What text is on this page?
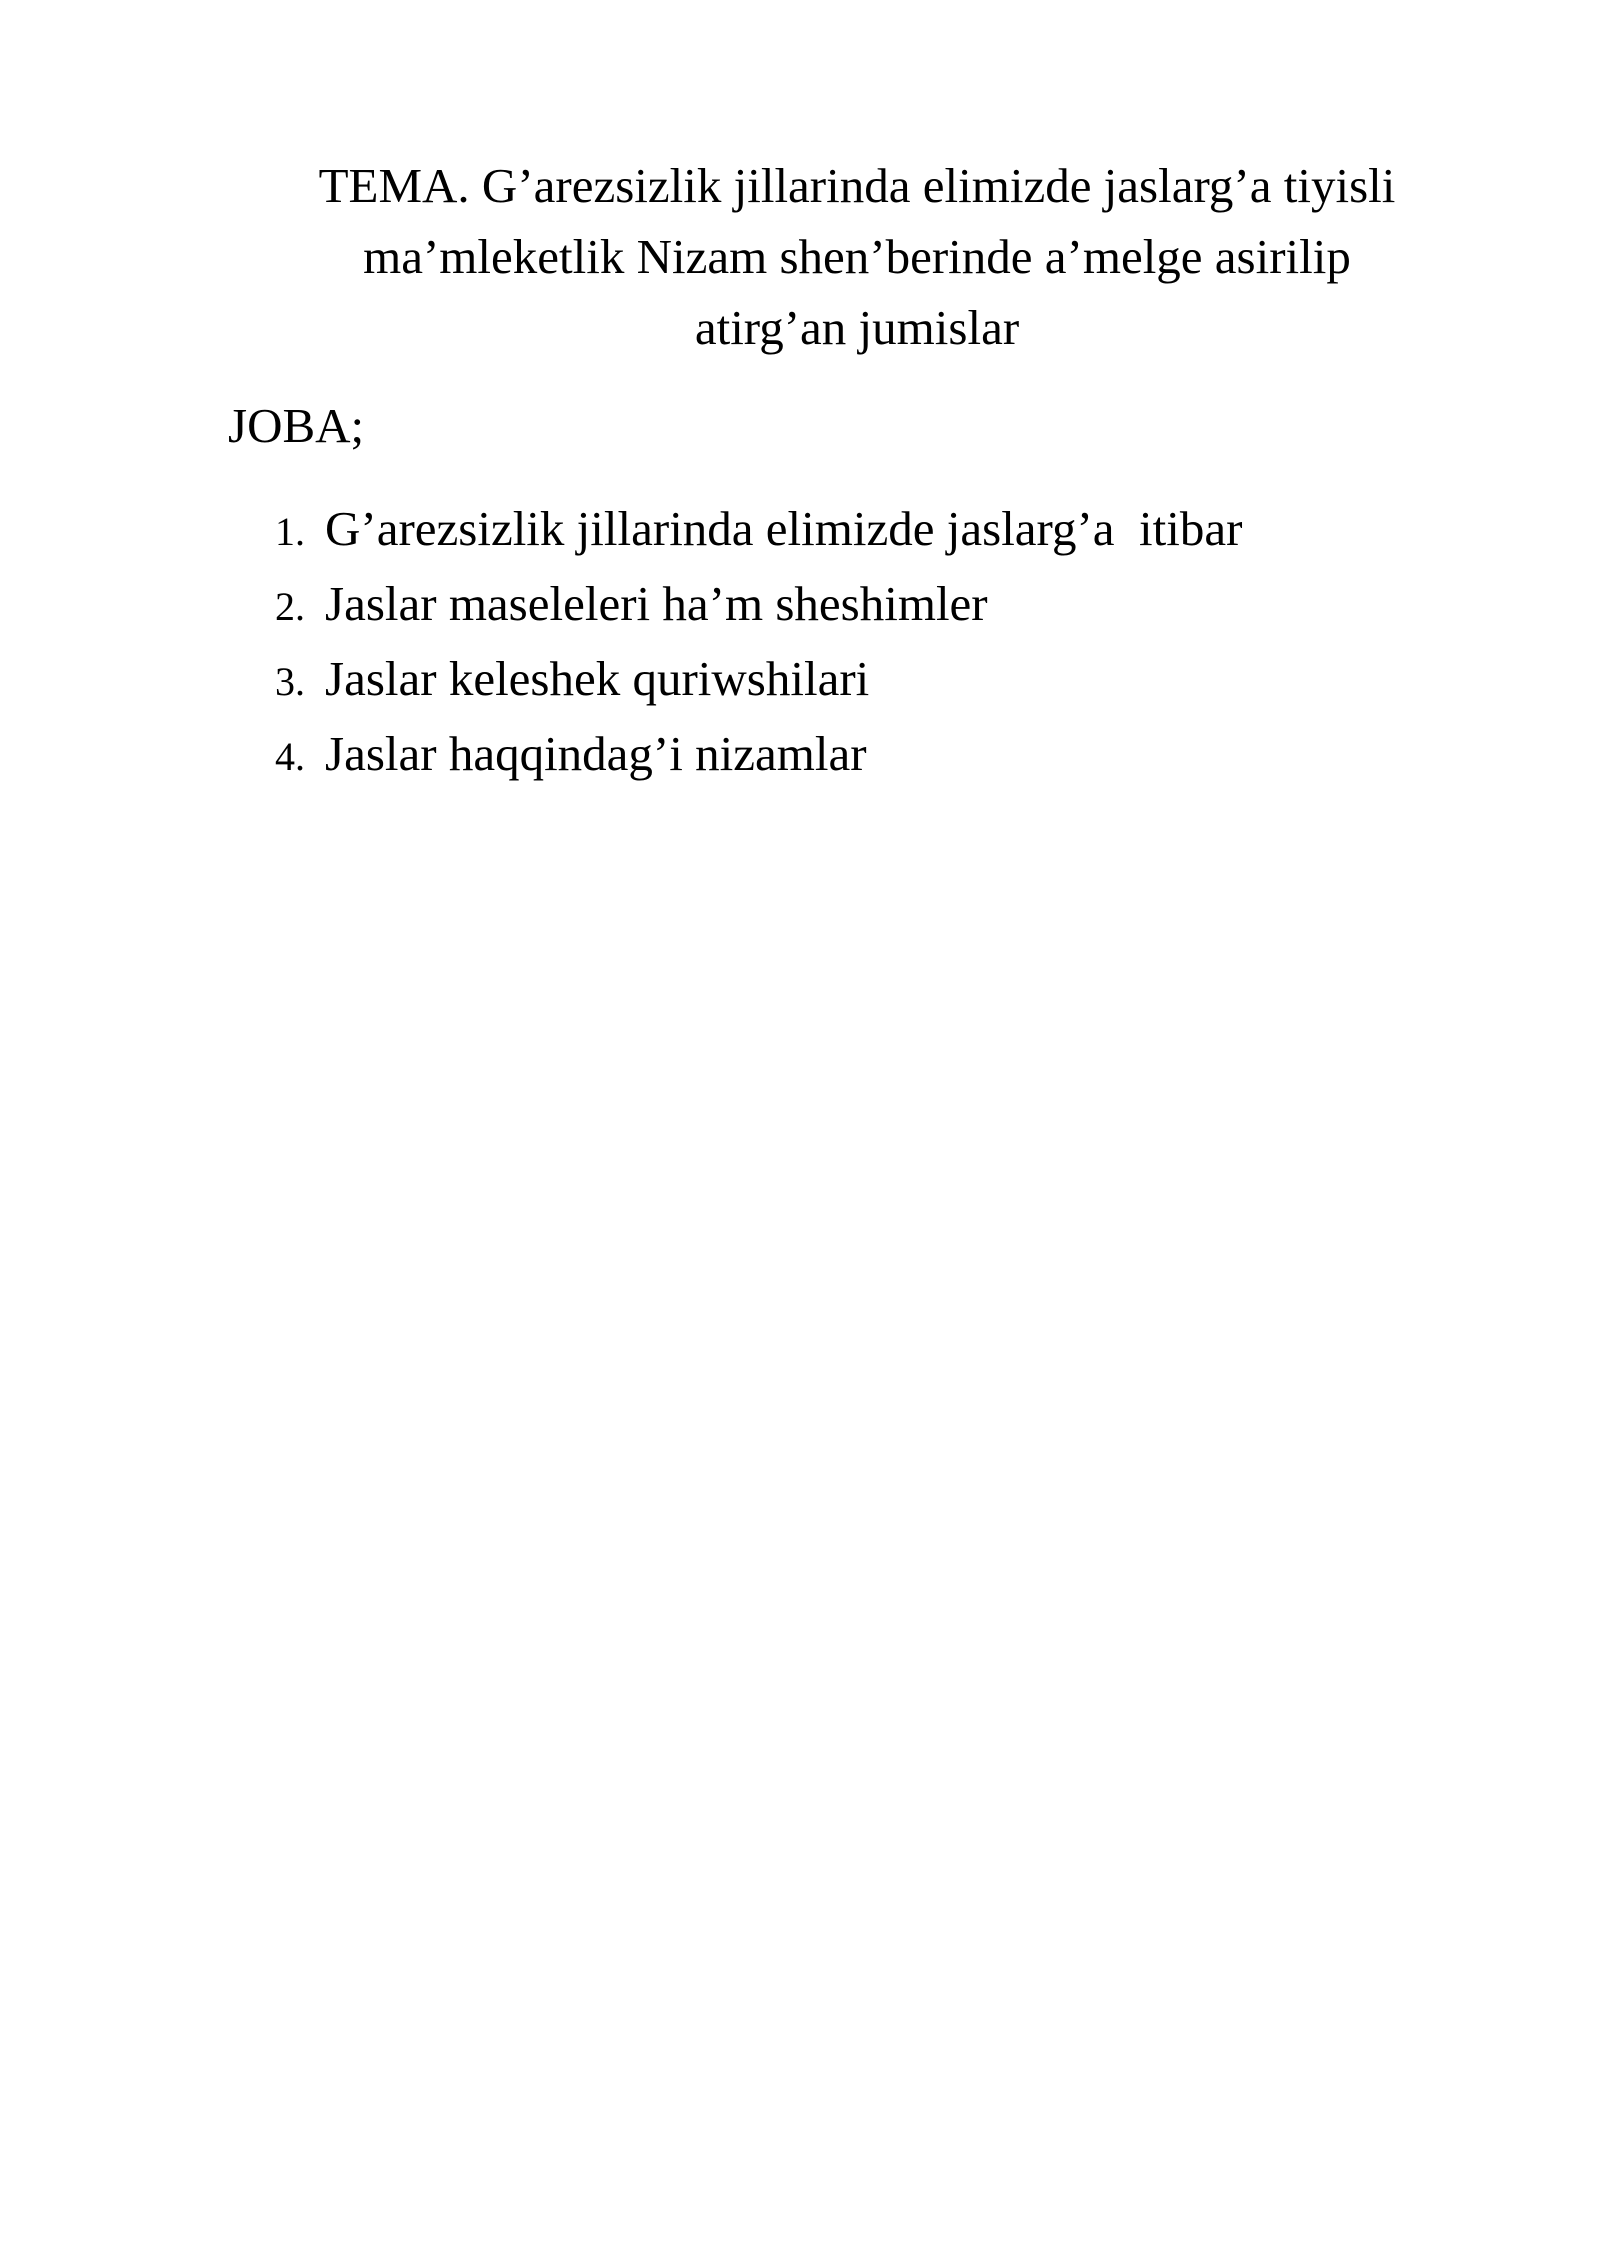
TEMA. G’arezsizlik jillarinda elimizde jaslarg’a tiyisli
ma’mleketlik Nizam shen’berinde a’melge asirilip
atirg’an jumislar

JOBA;

1. G’arezsizlik jillarinda elimizde jaslarg’a  itibar
2. Jaslar maseleleri ha’m sheshimler
3. Jaslar keleshek quriwshilari
4. Jaslar haqqindag’i nizamlar
